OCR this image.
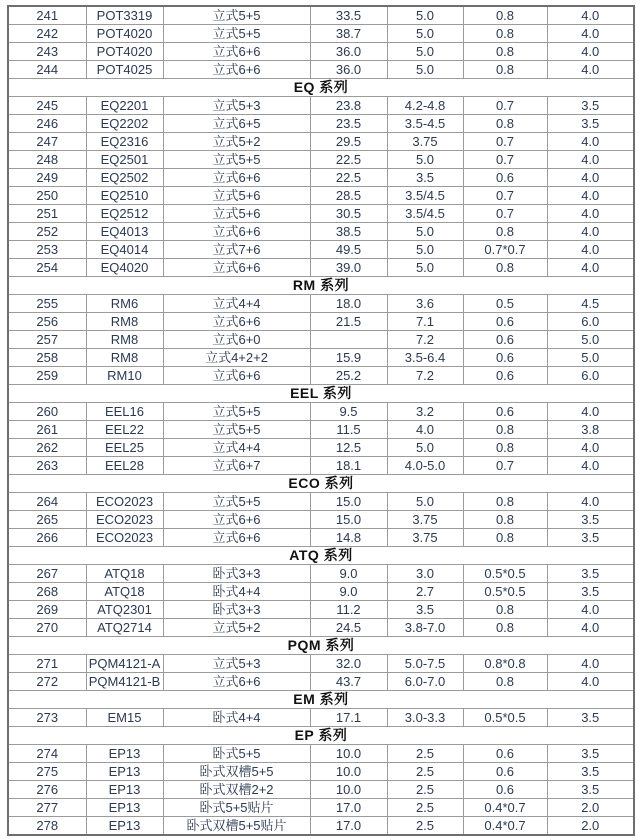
241	POT3319	立式5+5	33.5	5.0	0.8	4.0
242	POT4020	立式5+5	38.7	5.0	0.8	4.0
243	POT4020	立式6+6	36.0	5.0	0.8	4.0
244	POT4025	立式6+6	36.0	5.0	0.8	4.0
EQ 系列						
245	EQ2201	立式5+3	23.8	4.2-4.8	0.7	3.5
246	EQ2202	立式6+5	23.5	3.5-4.5	0.8	3.5
247	EQ2316	立式5+2	29.5	3.75	0.7	4.0
248	EQ2501	立式5+5	22.5	5.0	0.7	4.0
249	EQ2502	立式6+6	22.5	3.5	0.6	4.0
250	EQ2510	立式5+6	28.5	3.5/4.5	0.7	4.0
251	EQ2512	立式5+6	30.5	3.5/4.5	0.7	4.0
252	EQ4013	立式6+6	38.5	5.0	0.8	4.0
253	EQ4014	立式7+6	49.5	5.0	0.7*0.7	4.0
254	EQ4020	立式6+6	39.0	5.0	0.8	4.0
RM 系列						
255	RM6	立式4+4	18.0	3.6	0.5	4.5
256	RM8	立式6+6	21.5	7.1	0.6	6.0
257	RM8	立式6+0		7.2	0.6	5.0
258	RM8	立式4+2+2	15.9	3.5-6.4	0.6	5.0
259	RM10	立式6+6	25.2	7.2	0.6	6.0
EEL 系列						
260	EEL16	立式5+5	9.5	3.2	0.6	4.0
261	EEL22	立式5+5	11.5	4.0	0.8	3.8
262	EEL25	立式4+4	12.5	5.0	0.8	4.0
263	EEL28	立式6+7	18.1	4.0-5.0	0.7	4.0
ECO 系列						
264	ECO2023	立式5+5	15.0	5.0	0.8	4.0
265	ECO2023	立式6+6	15.0	3.75	0.8	3.5
266	ECO2023	立式6+6	14.8	3.75	0.8	3.5
ATQ 系列						
267	ATQ18	卧式3+3	9.0	3.0	0.5*0.5	3.5
268	ATQ18	卧式4+4	9.0	2.7	0.5*0.5	3.5
269	ATQ2301	卧式3+3	11.2	3.5	0.8	4.0
270	ATQ2714	立式5+2	24.5	3.8-7.0	0.8	4.0
PQM 系列						
271	PQM4121-A	立式5+3	32.0	5.0-7.5	0.8*0.8	4.0
272	PQM4121-B	立式6+6	43.7	6.0-7.0	0.8	4.0
EM 系列						
273	EM15	卧式4+4	17.1	3.0-3.3	0.5*0.5	3.5
EP 系列						
274	EP13	卧式5+5	10.0	2.5	0.6	3.5
275	EP13	卧式双槽5+5	10.0	2.5	0.6	3.5
276	EP13	卧式双槽2+2	10.0	2.5	0.6	3.5
277	EP13	卧式5+5贴片	17.0	2.5	0.4*0.7	2.0
278	EP13	卧式双槽5+5贴片	17.0	2.5	0.4*0.7	2.0
